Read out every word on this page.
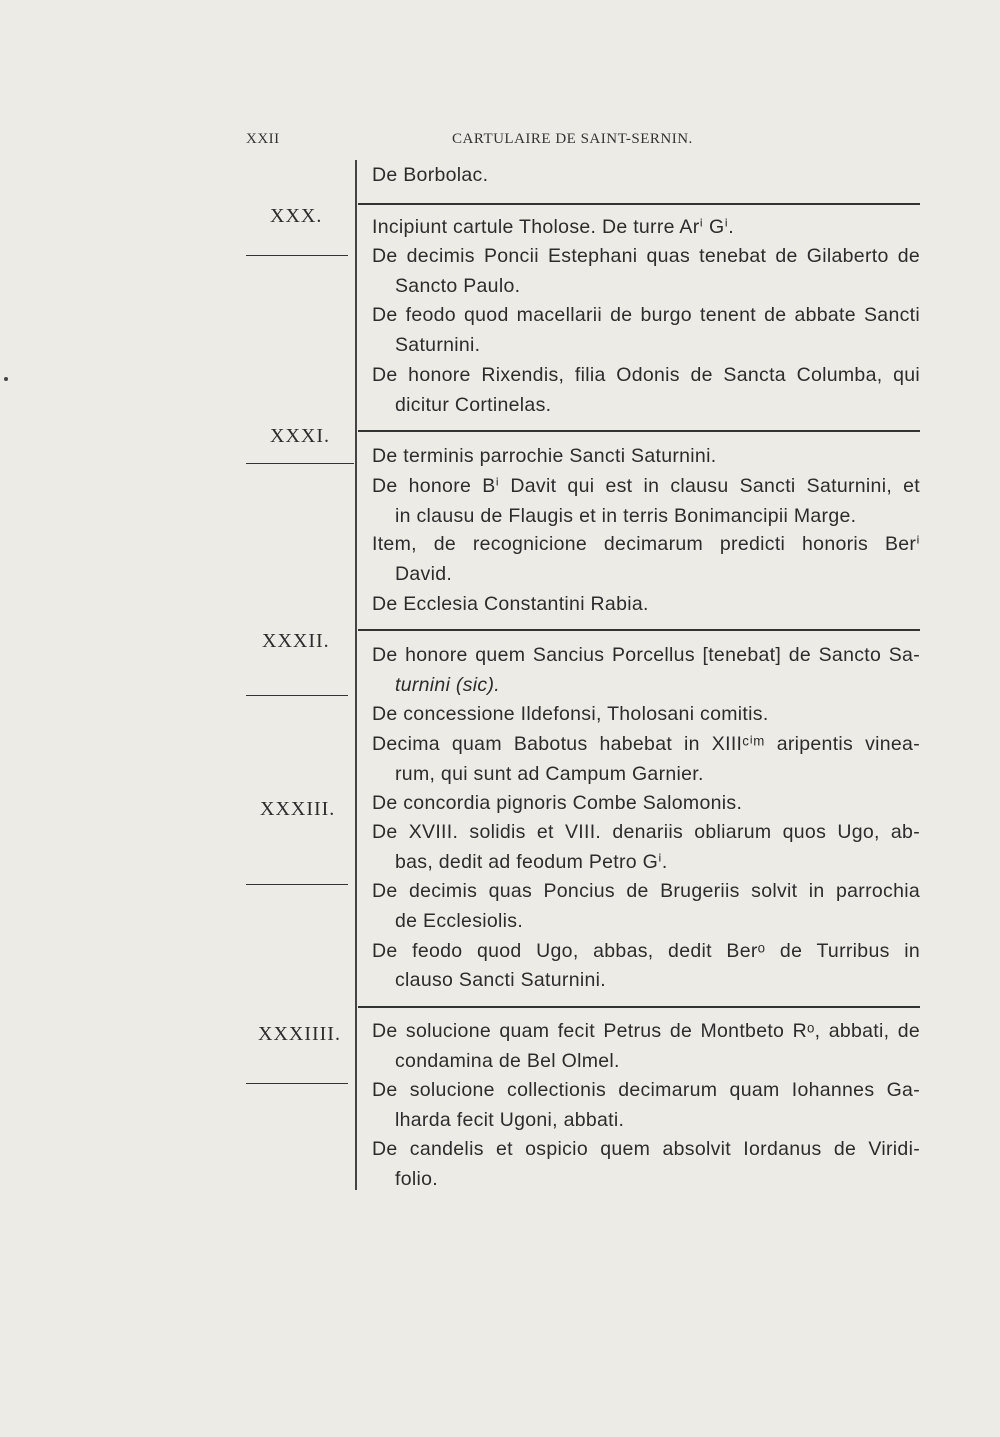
XXII	CARTULAIRE DE SAINT-SERNIN.
De Borbolac.
XXX.	Incipiunt cartule Tholose. De turre Arⁱ Gⁱ.
De decimis Poncii Estephani quas tenebat de Gilaberto de
Sancto Paulo.
De feodo quod macellarii de burgo tenent de abbate Sancti
Saturnini.
De honore Rixendis, filia Odonis de Sancta Columba, qui
dicitur Cortinelas.
XXXI.
De terminis parrochie Sancti Saturnini.
De honore Bⁱ Davit qui est in clausu Sancti Saturnini, et
in clausu de Flaugis et in terris Bonimancipii Marge.
Item, de recognicione decimarum predicti honoris Berⁱ
David.
De Ecclesia Constantini Rabia.
XXXII.
De honore quem Sancius Porcellus [tenebat] de Sancto Sa-
turnini (sic).
De concessione Ildefonsi, Tholosani comitis.
Decima quam Babotus habebat in XIIIᶜⁱᵐ aripentis vinea-
rum, qui sunt ad Campum Garnier.
XXXIII. De concordia pignoris Combe Salomonis.
De XVIII. solidis et VIII. denariis obliarum quos Ugo, ab-
bas, dedit ad feodum Petro Gⁱ.
De decimis quas Poncius de Brugeriis solvit in parrochia
de Ecclesiolis.
De feodo quod Ugo, abbas, dedit Berᵒ de Turribus in
clauso Sancti Saturnini.
XXXIIII. De solucione quam fecit Petrus de Montbeto Rᵒ, abbati, de
condamina de Bel Olmel.
De solucione collectionis decimarum quam Iohannes Ga-
lharda fecit Ugoni, abbati.
De candelis et ospicio quem absolvit Iordanus de Viridi-
folio.
